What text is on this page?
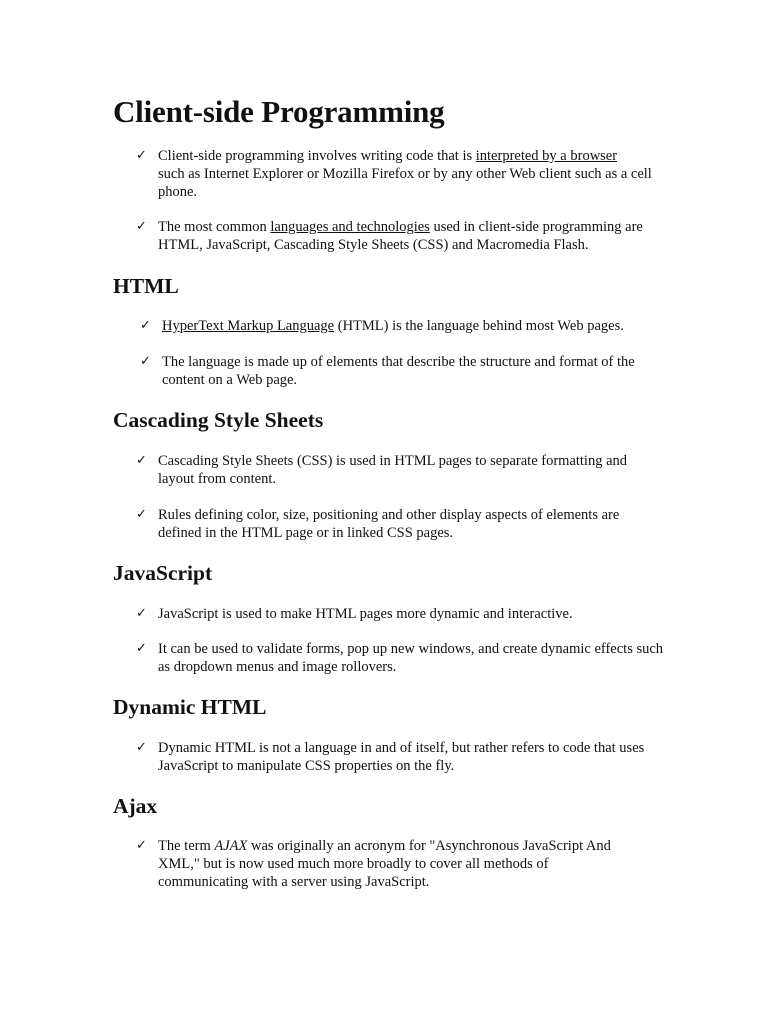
Client-side Programming
✓ Client-side programming involves writing code that is interpreted by a browser
such as Internet Explorer or Mozilla Firefox or by any other Web client such as a cell phone.
✓ The most common languages and technologies used in client-side programming are HTML, JavaScript, Cascading Style Sheets (CSS) and Macromedia Flash.
HTML
✓ HyperText Markup Language (HTML) is the language behind most Web pages.
✓ The language is made up of elements that describe the structure and format of the content on a Web page.
Cascading Style Sheets
✓ Cascading Style Sheets (CSS) is used in HTML pages to separate formatting and layout from content.
✓ Rules defining color, size, positioning and other display aspects of elements are defined in the HTML page or in linked CSS pages.
JavaScript
✓ JavaScript is used to make HTML pages more dynamic and interactive.
✓ It can be used to validate forms, pop up new windows, and create dynamic effects such as dropdown menus and image rollovers.
Dynamic HTML
✓ Dynamic HTML is not a language in and of itself, but rather refers to code that uses JavaScript to manipulate CSS properties on the fly.
Ajax
✓ The term AJAX was originally an acronym for "Asynchronous JavaScript And XML," but is now used much more broadly to cover all methods of communicating with a server using JavaScript.
